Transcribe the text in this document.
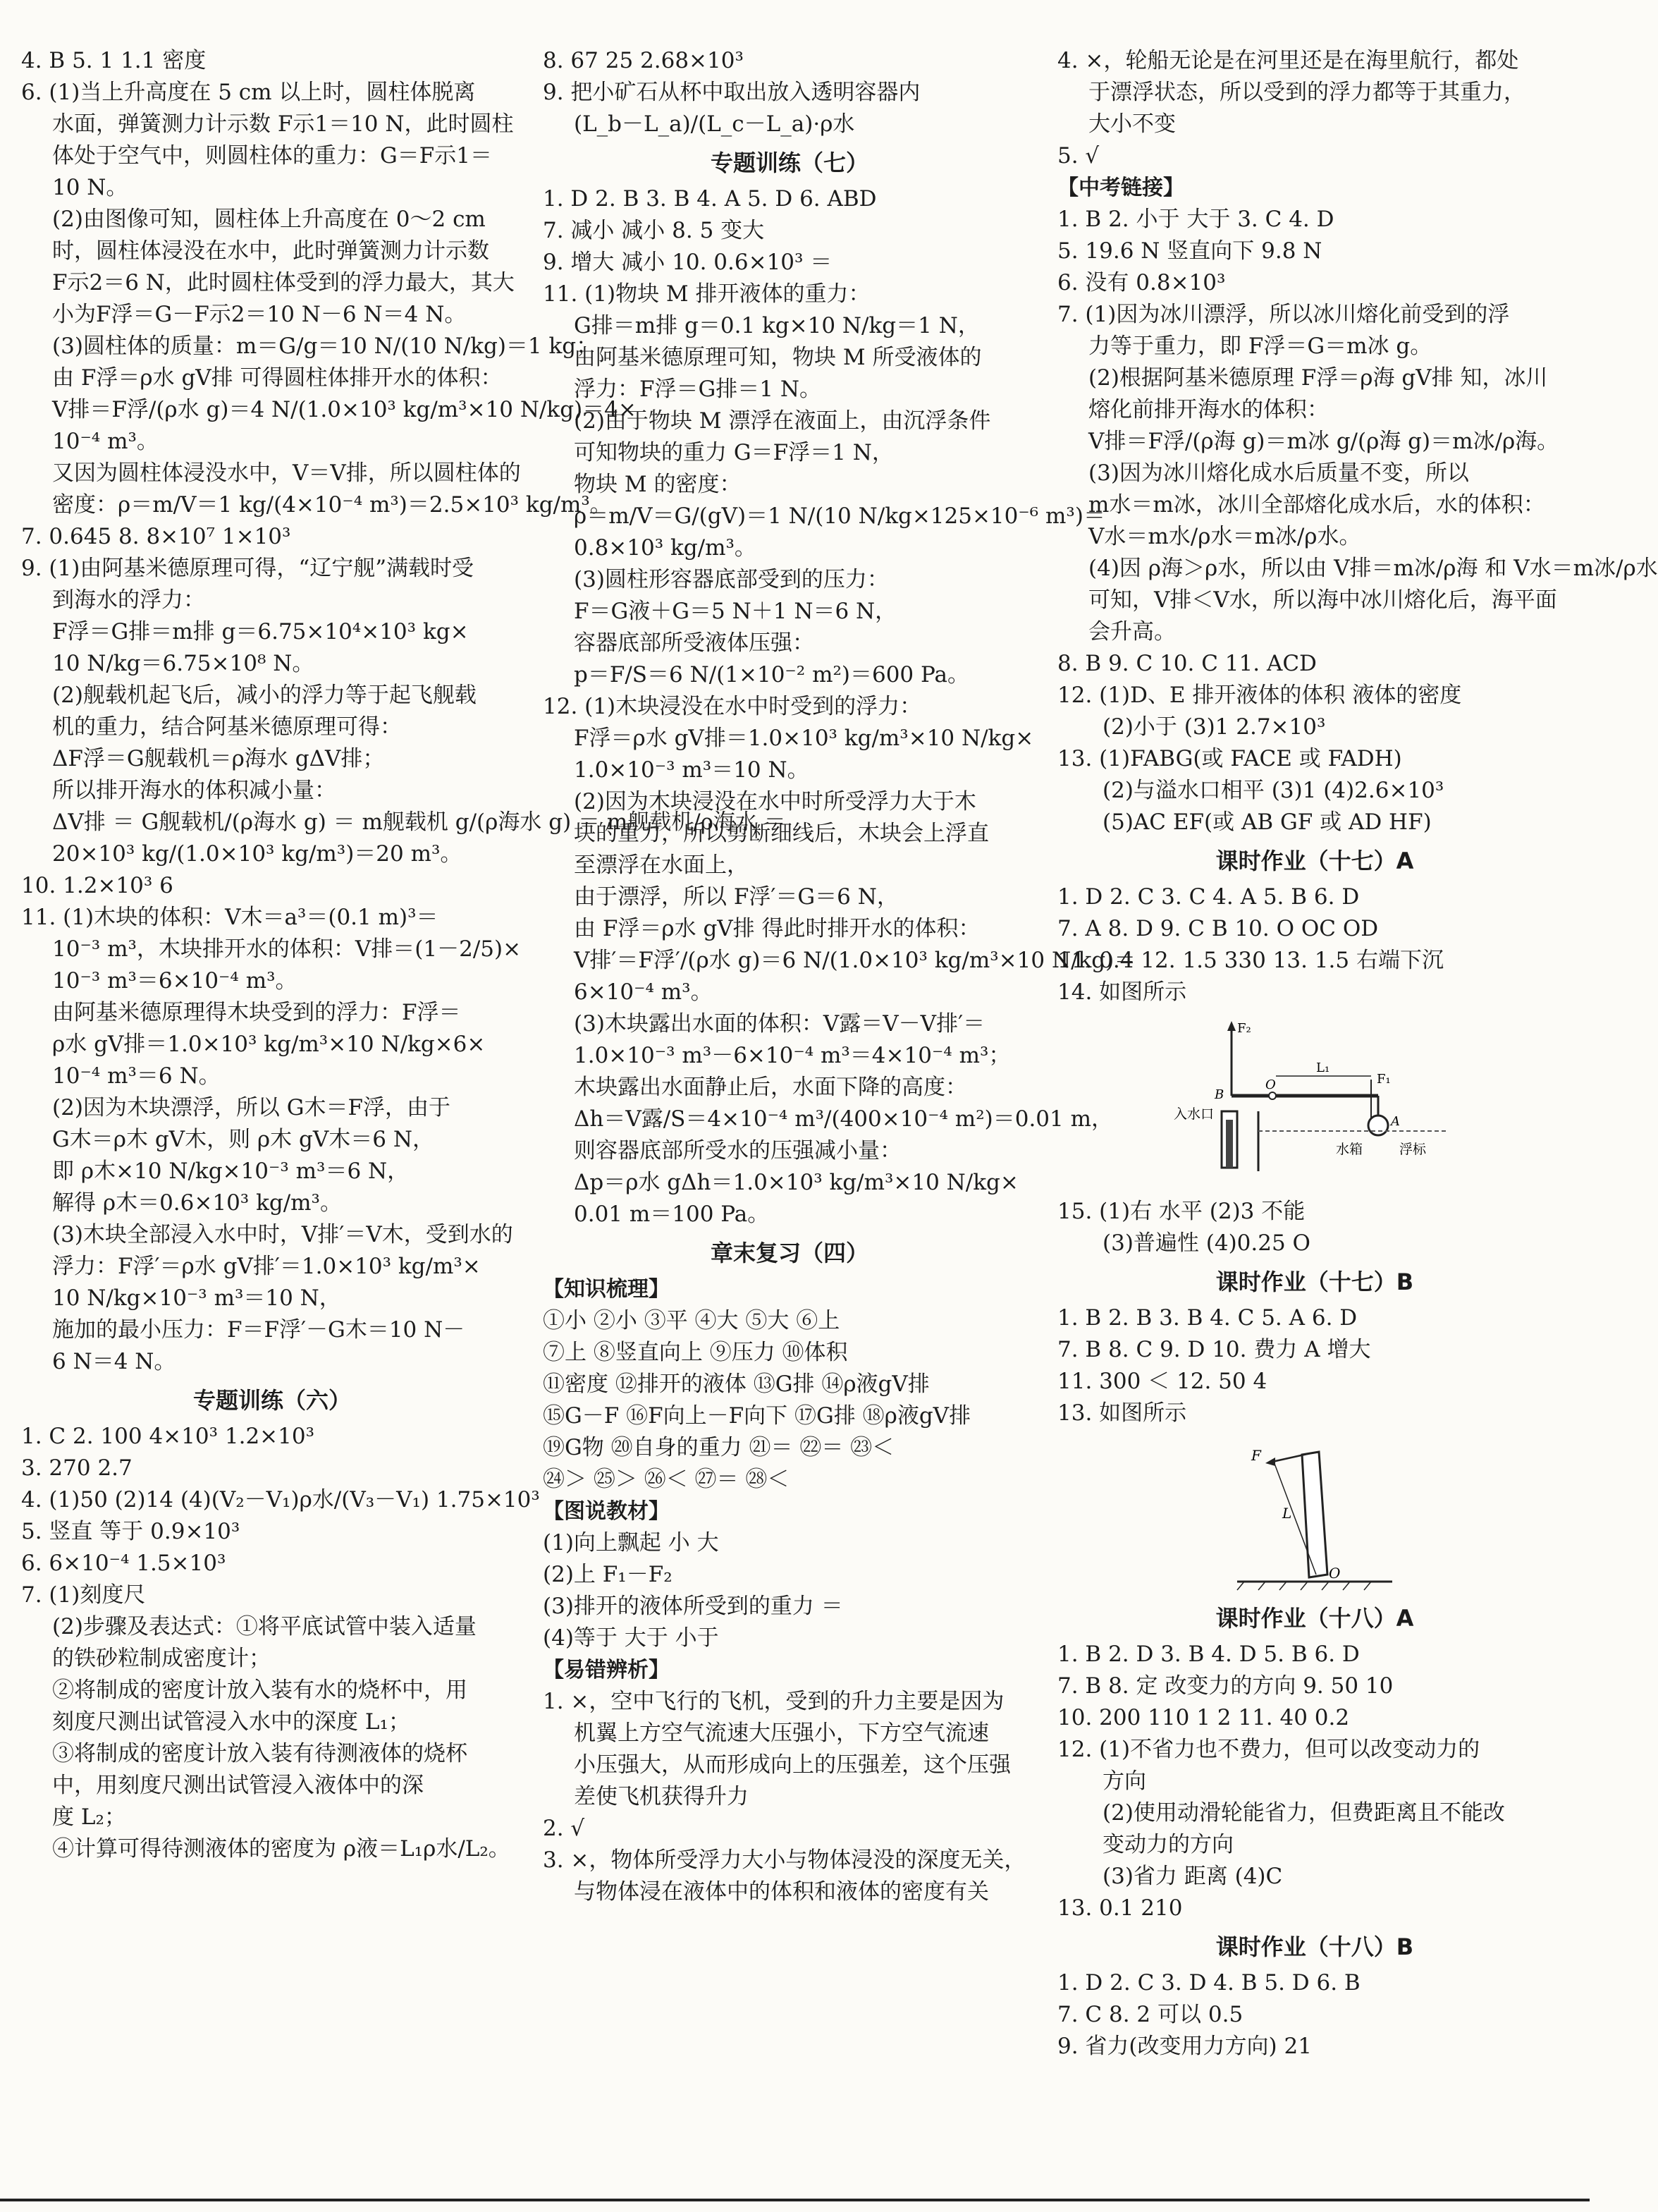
4. B 5. 1 1.1 密度
6. (1)当上升高度在 5 cm 以上时，圆柱体脱离
水面，弹簧测力计示数 F示1＝10 N，此时圆柱
体处于空气中，则圆柱体的重力：G＝F示1＝
10 N。
(2)由图像可知，圆柱体上升高度在 0～2 cm
时，圆柱体浸没在水中，此时弹簧测力计示数
F示2＝6 N，此时圆柱体受到的浮力最大，其大
小为F浮＝G－F示2＝10 N－6 N＝4 N。
(3)圆柱体的质量：m＝G/g＝10 N/(10 N/kg)＝1 kg；
由 F浮＝ρ水 gV排 可得圆柱体排开水的体积：
V排＝F浮/(ρ水 g)＝4 N/(1.0×10³ kg/m³×10 N/kg)＝4×
10⁻⁴ m³。
又因为圆柱体浸没水中，V＝V排，所以圆柱体的
密度：ρ＝m/V＝1 kg/(4×10⁻⁴ m³)＝2.5×10³ kg/m³。
7. 0.645 8. 8×10⁷ 1×10³
9. (1)由阿基米德原理可得，“辽宁舰”满载时受
到海水的浮力：
F浮＝G排＝m排 g＝6.75×10⁴×10³ kg×
10 N/kg＝6.75×10⁸ N。
(2)舰载机起飞后，减小的浮力等于起飞舰载
机的重力，结合阿基米德原理可得：
ΔF浮＝G舰载机＝ρ海水 gΔV排；
所以排开海水的体积减小量：
ΔV排 ＝ G舰载机/(ρ海水 g) ＝ m舰载机 g/(ρ海水 g) ＝ m舰载机/ρ海水 ＝
20×10³ kg/(1.0×10³ kg/m³)＝20 m³。
10. 1.2×10³ 6
11. (1)木块的体积：V木＝a³＝(0.1 m)³＝
10⁻³ m³，木块排开水的体积：V排＝(1－2/5)×
10⁻³ m³＝6×10⁻⁴ m³。
由阿基米德原理得木块受到的浮力：F浮＝
ρ水 gV排＝1.0×10³ kg/m³×10 N/kg×6×
10⁻⁴ m³＝6 N。
(2)因为木块漂浮，所以 G木＝F浮，由于
G木＝ρ木 gV木，则 ρ木 gV木＝6 N，
即 ρ木×10 N/kg×10⁻³ m³＝6 N，
解得 ρ木＝0.6×10³ kg/m³。
(3)木块全部浸入水中时，V排′＝V木，受到水的
浮力：F浮′＝ρ水 gV排′＝1.0×10³ kg/m³×
10 N/kg×10⁻³ m³＝10 N，
施加的最小压力：F＝F浮′－G木＝10 N－
6 N＝4 N。
专题训练（六）
1. C 2. 100 4×10³ 1.2×10³
3. 270 2.7
4. (1)50 (2)14 (4)(V₂－V₁)ρ水/(V₃－V₁) 1.75×10³
5. 竖直 等于 0.9×10³
6. 6×10⁻⁴ 1.5×10³
7. (1)刻度尺
(2)步骤及表达式：①将平底试管中装入适量
的铁砂粒制成密度计；
②将制成的密度计放入装有水的烧杯中，用
刻度尺测出试管浸入水中的深度 L₁；
③将制成的密度计放入装有待测液体的烧杯
中，用刻度尺测出试管浸入液体中的深
度 L₂；
④计算可得待测液体的密度为 ρ液＝L₁ρ水/L₂。
8. 67 25 2.68×10³
9. 把小矿石从杯中取出放入透明容器内
(L_b－L_a)/(L_c－L_a)·ρ水
专题训练（七）
1. D 2. B 3. B 4. A 5. D 6. ABD
7. 减小 减小 8. 5 变大
9. 增大 减小 10. 0.6×10³ ＝
11. (1)物块 M 排开液体的重力：
G排＝m排 g＝0.1 kg×10 N/kg＝1 N，
由阿基米德原理可知，物块 M 所受液体的
浮力：F浮＝G排＝1 N。
(2)由于物块 M 漂浮在液面上，由沉浮条件
可知物块的重力 G＝F浮＝1 N，
物块 M 的密度：
ρ＝m/V＝G/(gV)＝1 N/(10 N/kg×125×10⁻⁶ m³)＝
0.8×10³ kg/m³。
(3)圆柱形容器底部受到的压力：
F＝G液＋G＝5 N＋1 N＝6 N，
容器底部所受液体压强：
p＝F/S＝6 N/(1×10⁻² m²)＝600 Pa。
12. (1)木块浸没在水中时受到的浮力：
F浮＝ρ水 gV排＝1.0×10³ kg/m³×10 N/kg×
1.0×10⁻³ m³＝10 N。
(2)因为木块浸没在水中时所受浮力大于木
块的重力，所以剪断细线后，木块会上浮直
至漂浮在水面上，
由于漂浮，所以 F浮′＝G＝6 N，
由 F浮＝ρ水 gV排 得此时排开水的体积：
V排′＝F浮′/(ρ水 g)＝6 N/(1.0×10³ kg/m³×10 N/kg)＝
6×10⁻⁴ m³。
(3)木块露出水面的体积：V露＝V－V排′＝
1.0×10⁻³ m³－6×10⁻⁴ m³＝4×10⁻⁴ m³；
木块露出水面静止后，水面下降的高度：
Δh＝V露/S＝4×10⁻⁴ m³/(400×10⁻⁴ m²)＝0.01 m，
则容器底部所受水的压强减小量：
Δp＝ρ水 gΔh＝1.0×10³ kg/m³×10 N/kg×
0.01 m＝100 Pa。
章末复习（四）
【知识梳理】
①小 ②小 ③平 ④大 ⑤大 ⑥上
⑦上 ⑧竖直向上 ⑨压力 ⑩体积
⑪密度 ⑫排开的液体 ⑬G排 ⑭ρ液gV排
⑮G－F ⑯F向上－F向下 ⑰G排 ⑱ρ液gV排
⑲G物 ⑳自身的重力 ㉑＝ ㉒＝ ㉓＜
㉔＞ ㉕＞ ㉖＜ ㉗＝ ㉘＜
【图说教材】
(1)向上飘起 小 大
(2)上 F₁－F₂
(3)排开的液体所受到的重力 ＝
(4)等于 大于 小于
【易错辨析】
1. ×，空中飞行的飞机，受到的升力主要是因为
机翼上方空气流速大压强小，下方空气流速
小压强大，从而形成向上的压强差，这个压强
差使飞机获得升力
2. √
3. ×，物体所受浮力大小与物体浸没的深度无关，
与物体浸在液体中的体积和液体的密度有关
4. ×，轮船无论是在河里还是在海里航行，都处
于漂浮状态，所以受到的浮力都等于其重力，
大小不变
5. √
【中考链接】
1. B 2. 小于 大于 3. C 4. D
5. 19.6 N 竖直向下 9.8 N
6. 没有 0.8×10³
7. (1)因为冰川漂浮，所以冰川熔化前受到的浮
力等于重力，即 F浮＝G＝m冰 g。
(2)根据阿基米德原理 F浮＝ρ海 gV排 知，冰川
熔化前排开海水的体积：
V排＝F浮/(ρ海 g)＝m冰 g/(ρ海 g)＝m冰/ρ海。
(3)因为冰川熔化成水后质量不变，所以
m水＝m冰，冰川全部熔化成水后，水的体积：
V水＝m水/ρ水＝m冰/ρ水。
(4)因 ρ海＞ρ水，所以由 V排＝m冰/ρ海 和 V水＝m冰/ρ水
可知，V排＜V水，所以海中冰川熔化后，海平面
会升高。
8. B 9. C 10. C 11. ACD
12. (1)D、E 排开液体的体积 液体的密度
(2)小于 (3)1 2.7×10³
13. (1)FABG(或 FACE 或 FADH)
(2)与溢水口相平 (3)1 (4)2.6×10³
(5)AC EF(或 AB GF 或 AD HF)
课时作业（十七）A
1. D 2. C 3. C 4. A 5. B 6. D
7. A 8. D 9. C B 10. O OC OD
11. 0.4 12. 1.5 330 13. 1.5 右端下沉
14. 如图所示
F₂
B
入水口
O
L₁
F₁
A
水箱	浮标
15. (1)右 水平 (2)3 不能
(3)普遍性 (4)0.25 O
课时作业（十七）B
1. B 2. B 3. B 4. C 5. A 6. D
7. B 8. C 9. D 10. 费力 A 增大
11. 300 ＜ 12. 50 4
13. 如图所示
F
L
O
课时作业（十八）A
1. B 2. D 3. B 4. D 5. B 6. D
7. B 8. 定 改变力的方向 9. 50 10
10. 200 110 1 2 11. 40 0.2
12. (1)不省力也不费力，但可以改变动力的
方向
(2)使用动滑轮能省力，但费距离且不能改
变动力的方向
(3)省力 距离 (4)C
13. 0.1 210
课时作业（十八）B
1. D 2. C 3. D 4. B 5. D 6. B
7. C 8. 2 可以 0.5
9. 省力(改变用力方向) 21
